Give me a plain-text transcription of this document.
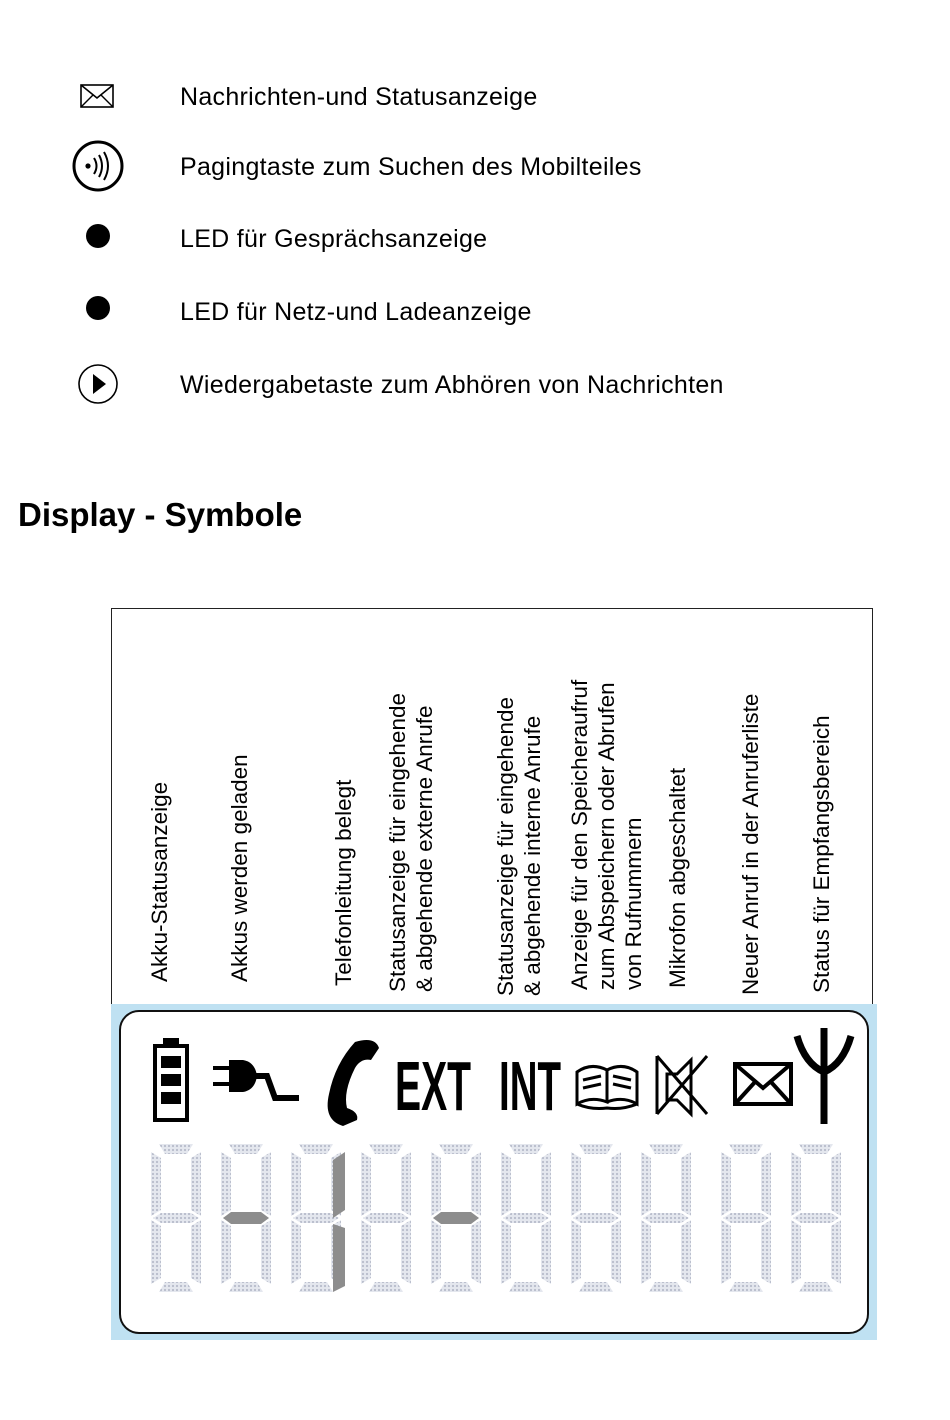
Nachrichten-und Statusanzeige
Pagingtaste zum Suchen des Mobilteiles
LED für Gesprächsanzeige
LED für Netz-und Ladeanzeige
Wiedergabetaste zum Abhören von Nachrichten
Display - Symbole
Akku-Statusanzeige Akkus werden geladen	Telefonleitung belegt Statusanzeige für eingehende & abgehende externe Anrufe Statusanzeige für eingehende & abgehende interne Anrufe Anzeige für den Speicheraufruf zum Abspeichern oder Abrufen von Rufnummern Mikrofon abgeschaltet Neuer Anruf in der Anruferliste Status für Empfangsbereich
EXT INT
